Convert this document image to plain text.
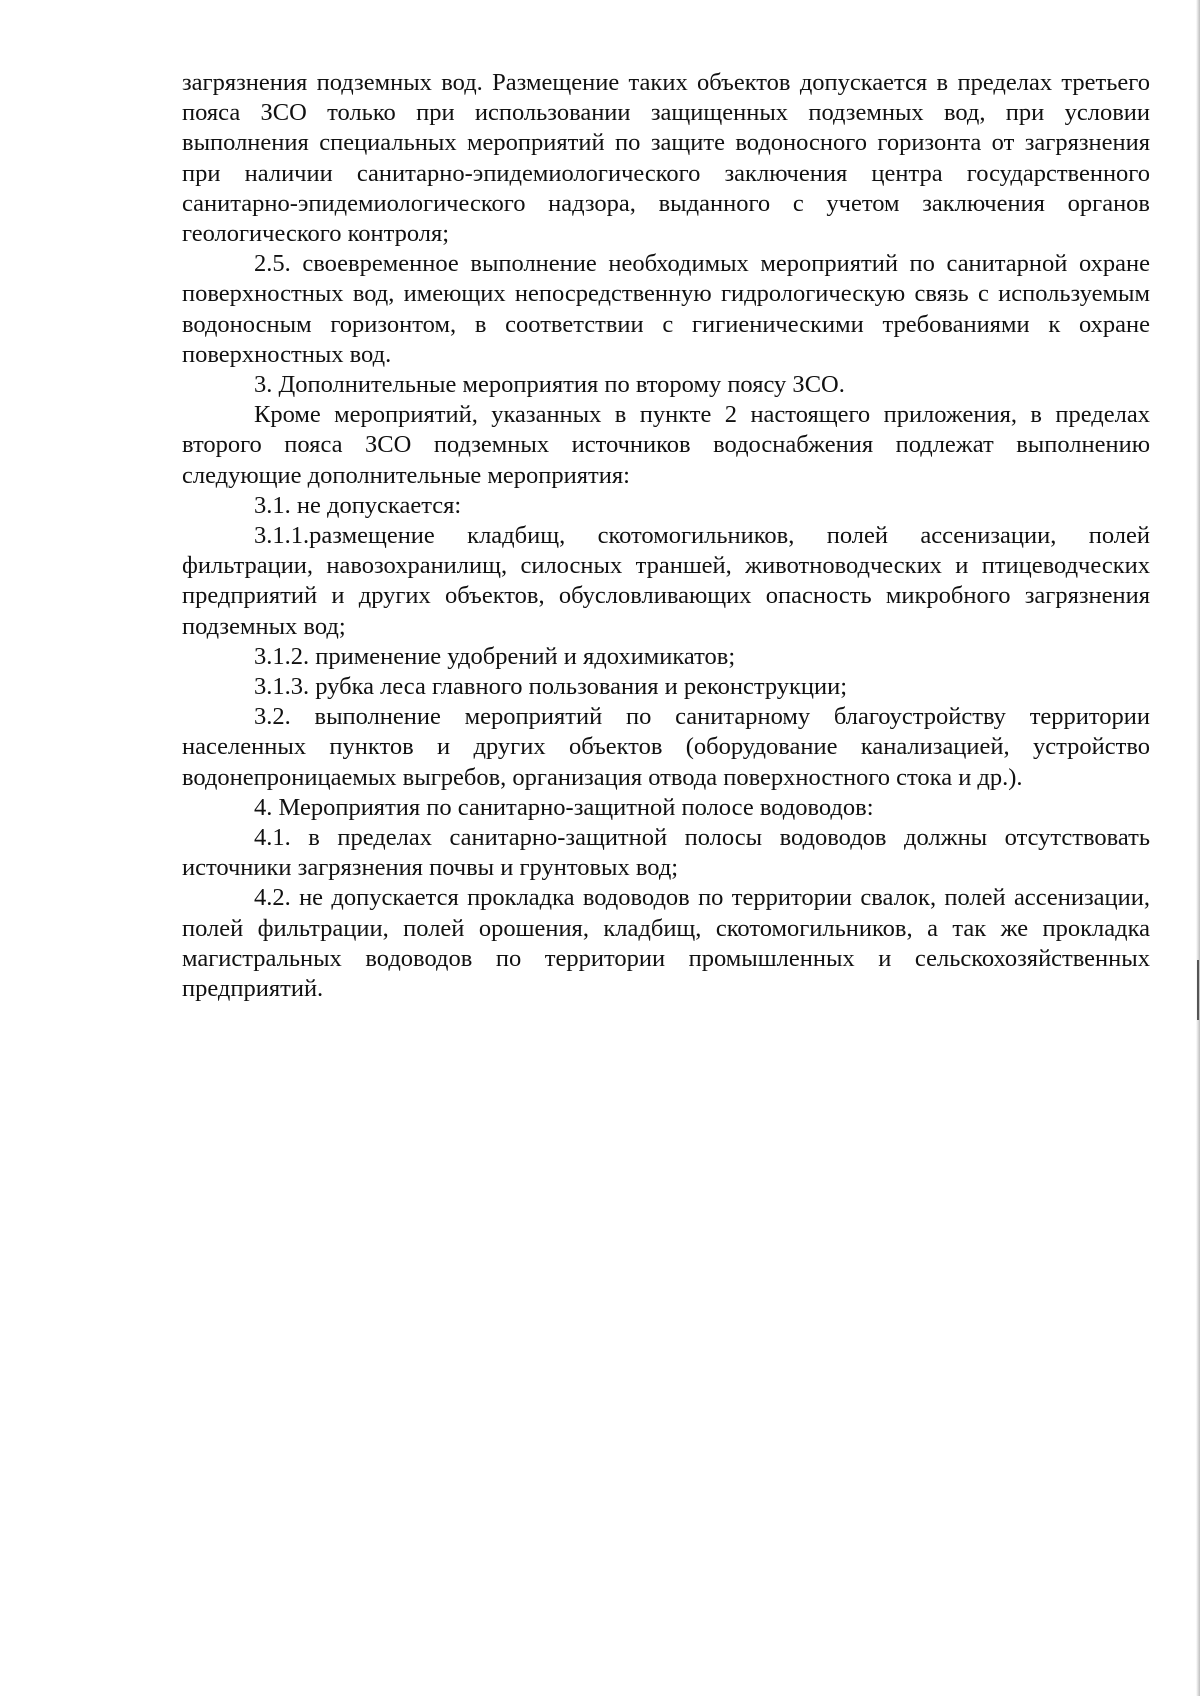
загрязнения подземных вод. Размещение таких объектов допускается в пределах третьего пояса ЗСО только при использовании защищенных подземных вод, при условии выполнения специальных мероприятий по защите водоносного горизонта от загрязнения при наличии санитарно-эпидемиологического заключения центра государственного санитарно-эпидемиологического надзора, выданного с учетом заключения органов геологического контроля;

2.5. своевременное выполнение необходимых мероприятий по санитарной охране поверхностных вод, имеющих непосредственную гидрологическую связь с используемым водоносным горизонтом, в соответствии с гигиеническими требованиями к охране поверхностных вод.

3. Дополнительные мероприятия по второму поясу ЗСО.

Кроме мероприятий, указанных в пункте 2 настоящего приложения, в пределах второго пояса ЗСО подземных источников водоснабжения подлежат выполнению следующие дополнительные мероприятия:

3.1. не допускается:

3.1.1.размещение кладбищ, скотомогильников, полей ассенизации, полей фильтрации, навозохранилищ, силосных траншей, животноводческих и птицеводческих предприятий и других объектов, обусловливающих опасность микробного загрязнения подземных вод;

3.1.2. применение удобрений и ядохимикатов;

3.1.3. рубка леса главного пользования и реконструкции;

3.2. выполнение мероприятий по санитарному благоустройству территории населенных пунктов и других объектов (оборудование канализацией, устройство водонепроницаемых выгребов, организация отвода поверхностного стока и др.).

4. Мероприятия по санитарно-защитной полосе водоводов:

4.1. в пределах санитарно-защитной полосы водоводов должны отсутствовать источники загрязнения почвы и грунтовых вод;

4.2. не допускается прокладка водоводов по территории свалок, полей ассенизации, полей фильтрации, полей орошения, кладбищ, скотомогильников, а так же прокладка магистральных водоводов по территории промышленных и сельскохозяйственных предприятий.
